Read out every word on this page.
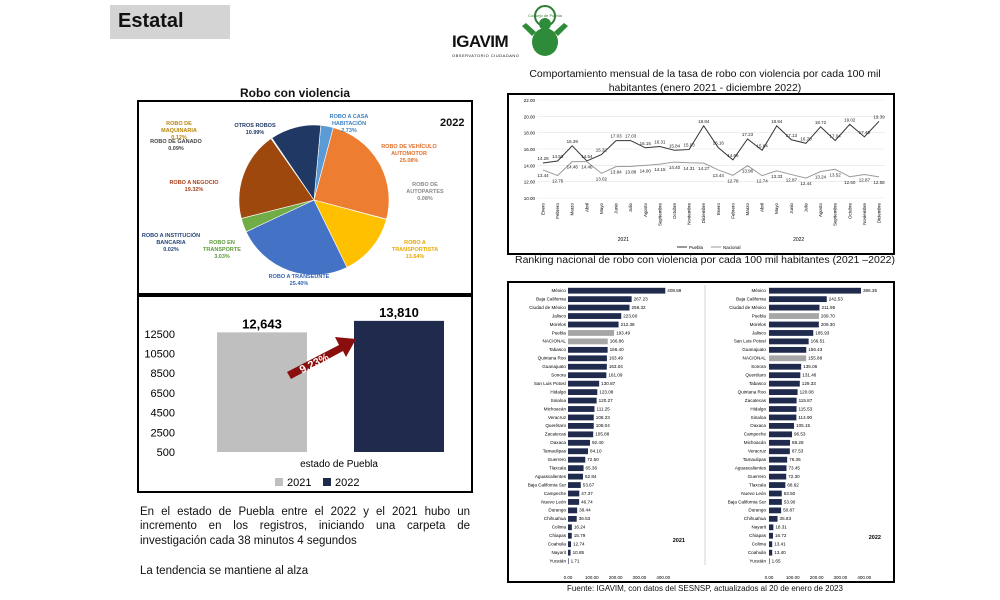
Estatal	Consejo de Puebla
IGAVIM
OBSERVATORIO CIUDADANO
Robo con violencia
2022
ROBO A CASA HABITACIÓN
2.73%
ROBO DE VEHÍCULO AUTOMOTOR
25.08%
ROBO DE AUTOPARTES
0.08%
ROBO A TRANSPORTISTA
13.64%
ROBO A TRANSEÚNTE
25.40%
ROBO EN TRANSPORTE
3.03%
ROBO A INSTITUCIÓN BANCARIA
0.02%
ROBO A NEGOCIO
19.32%
ROBO DE GANADO
0.09%
ROBO DE MAQUINARIA
0.12%
OTROS ROBOS
10.99%
500
2500
4500
6500
8500
10500
12500
12,643
13,810
9.23%
estado de Puebla
2021 2022
En el estado de Puebla entre el 2022 y el 2021 hubo un incremento en los registros, iniciando una carpeta de investigación cada 38 minutos 4 segundos
La tendencia se mantiene al alza
Comportamiento mensual de la tasa de robo con violencia por cada 100 mil habitantes (enero 2021 - diciembre 2022)
10.00
12.00
14.00
16.00
18.00
20.00
22.00
14.28 14.53
16.39
14.54
15.32
17.03 17.03
16.15 16.31
15.84 15.93
18.84
16.16
14.66
17.23
15.84
18.84
17.13
16.70
18.72
17.04
19.02
17.49
19.39
13.44
12.75
14.46 14.46
13.02
13.84 13.88 14.00 14.15 14.40 14.31 14.27
13.44
12.78
13.96
12.74
13.33
12.87
12.44
13.24 13.52
12.60 12.87 12.58
Enero Febrero Marzo Abril Mayo Junio Julio Agosto Septiembre Octubre Noviembre Diciembre Enero Febrero Marzo Abril Mayo Junio Julio Agosto Septiembre Octubre Noviembre Diciembre
2021	2022
Puebla	Nacional
Ranking nacional de robo con violencia por cada 100 mil habitantes (2021 –2022)
México	408.58
Baja California	267.23
Ciudad de México	258.32
Jalisco	223.60
Morelos	212.38
Puebla	193.49
NACIONAL	166.86
Tabasco	166.40
Quintana Roo	163.49
Guanajuato	163.04
Sonora	161.09
San Luis Potosí	130.87
Hidalgo	123.08
Sinaloa	120.27
Michoacán	111.25
Veracruz	108.23
Querétaro	108.04
Zacatecas	105.88
Oaxaca	92.40
Tamaulipas	84.10
Guerrero	72.50
Tlaxcala	65.36
Aguascalientes	62.84
Baja California Sur	53.67
Campeche	47.37
Nuevo León	46.74
Durango	38.44
Chihuahua	36.53
Colima 16.24
Chiapas 15.79
Coahuila 12.74
Nayarit 10.85
Yucatán 1.71
0.00	100.00 200.00 300.00 400.00
2021
México	386.35
Baja California	242.53
Ciudad de México	211.95
Puebla	209.70
Morelos	209.30
Jalisco	185.93
San Luis Potosí	166.51
Guanajuato	156.43
NACIONAL	155.88
Sonora	135.06
Querétaro	131.46
Tabasco	129.33
Quintana Roo	120.08
Zacatecas	115.87
Hidalgo	115.53
Sinaloa	114.90
Oaxaca	105.15
Campeche	96.53
Michoacán	88.28
Veracruz	87.53
Tamaulipas	76.35
Aguascalientes	73.45
Guerrero	72.30
Tlaxcala	68.62
Nuevo León	53.50
Baja California Sur	53.90
Durango	50.87
Chihuahua	35.83
Nayarit 18.31
Chiapas 16.72
Colima 13.41
Coahuila 13.40
Yucatán 1.65
0.00	100.00 200.00 300.00 400.00
2022
Fuente: IGAVIM, con datos del SESNSP, actualizados al 20 de enero de 2023
